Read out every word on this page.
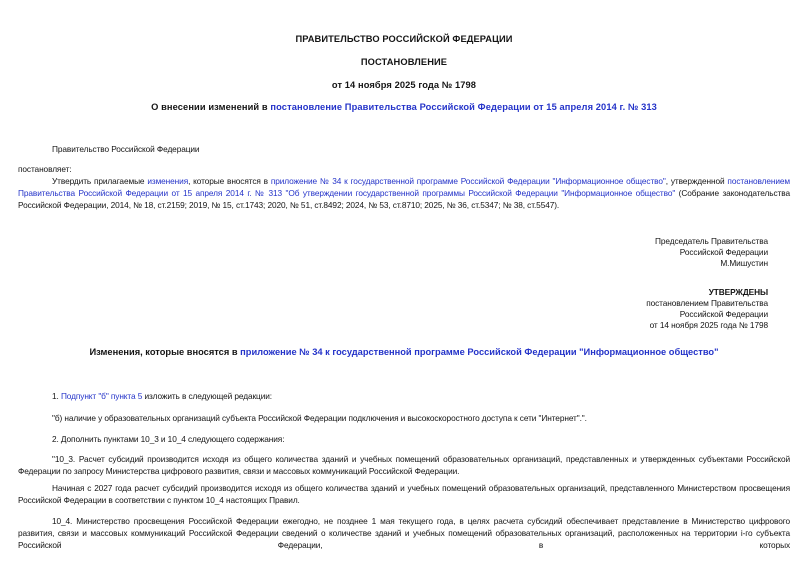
ПРАВИТЕЛЬСТВО РОССИЙСКОЙ ФЕДЕРАЦИИ
ПОСТАНОВЛЕНИЕ
от 14 ноября 2025 года № 1798
О внесении изменений в постановление Правительства Российской Федерации от 15 апреля 2014 г. № 313
Правительство Российской Федерации
постановляет:

Утвердить прилагаемые изменения, которые вносятся в приложение № 34 к государственной программе Российской Федерации "Информационное общество", утвержденной постановлением Правительства Российской Федерации от 15 апреля 2014 г. № 313 "Об утверждении государственной программы Российской Федерации "Информационное общество" (Собрание законодательства Российской Федерации, 2014, № 18, ст.2159; 2019, № 15, ст.1743; 2020, № 51, ст.8492; 2024, № 53, ст.8710; 2025, № 36, ст.5347; № 38, ст.5547).

Председатель Правительства
Российской Федерации
М.Мишустин
УТВЕРЖДЕНЫ
постановлением Правительства
Российской Федерации
от 14 ноября 2025 года № 1798
Изменения, которые вносятся в приложение № 34 к государственной программе Российской Федерации "Информационное общество"

1. Подпункт "б" пункта 5 изложить в следующей редакции:

"б) наличие у образовательных организаций субъекта Российской Федерации подключения и высокоскоростного доступа к сети "Интернет".".

2. Дополнить пунктами 10_3 и 10_4 следующего содержания:

"10_3. Расчет субсидий производится исходя из общего количества зданий и учебных помещений образовательных организаций, представленных и утвержденных субъектами Российской Федерации по запросу Министерства цифрового развития, связи и массовых коммуникаций Российской Федерации.

Начиная с 2027 года расчет субсидий производится исходя из общего количества зданий и учебных помещений образовательных организаций, представленного Министерством просвещения Российской Федерации в соответствии с пунктом 10_4 настоящих Правил.

10_4. Министерство просвещения Российской Федерации ежегодно, не позднее 1 мая текущего года, в целях расчета субсидий обеспечивает представление в Министерство цифрового развития, связи и массовых коммуникаций Российской Федерации сведений о количестве зданий и учебных помещений образовательных организаций, расположенных на территории i-го субъекта Российской Федерации, в которых
